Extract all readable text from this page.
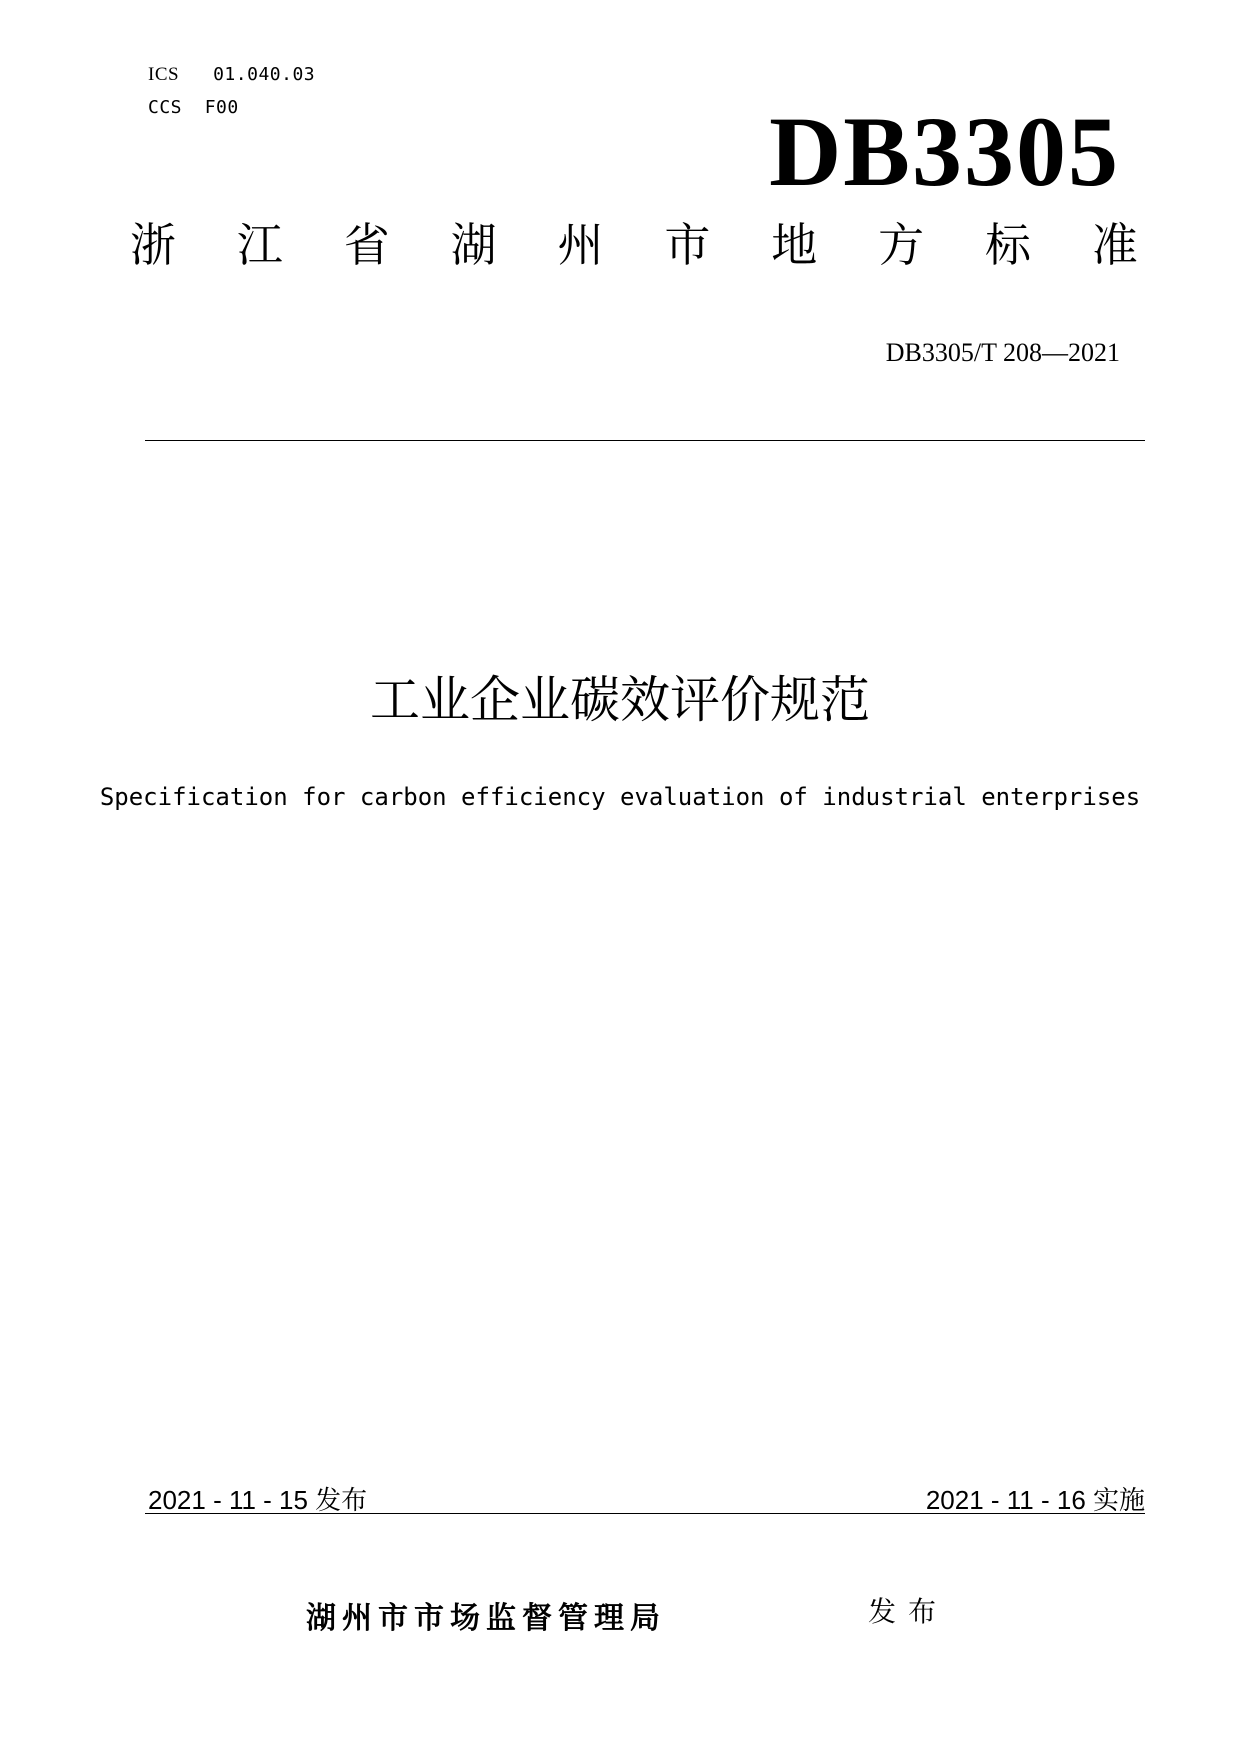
ICS 01.040.03
CCS F00	DB3305
浙 江 省 湖 州 市 地 方 标 准
DB3305/T 208—2021
工业企业碳效评价规范
Specification for carbon efficiency evaluation of industrial enterprises
2021 - 11 - 15 发布	2021 - 11 - 16 实施
湖州市市场监督管理局	发布
